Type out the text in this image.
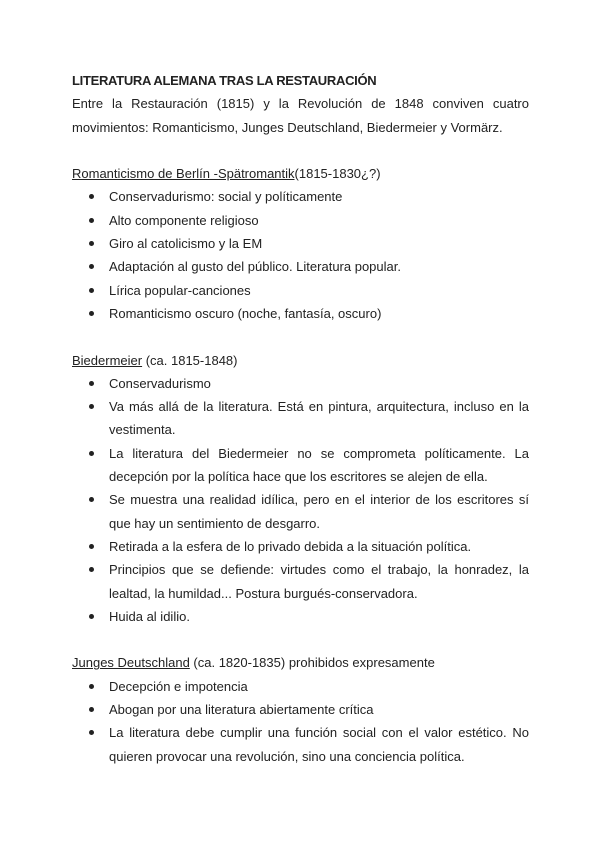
LITERATURA ALEMANA TRAS LA RESTAURACIÓN
Entre la Restauración (1815) y la Revolución de 1848 conviven cuatro movimientos: Romanticismo, Junges Deutschland, Biedermeier y Vormärz.
Romanticismo de Berlín -Spätromantik(1815-1830¿?)
Conservadurismo: social y políticamente
Alto componente religioso
Giro al catolicismo y la EM
Adaptación al gusto del público. Literatura popular.
Lírica popular-canciones
Romanticismo oscuro (noche, fantasía, oscuro)
Biedermeier (ca. 1815-1848)
Conservadurismo
Va más allá de la literatura. Está en pintura, arquitectura, incluso en la vestimenta.
La literatura del Biedermeier no se comprometa políticamente. La decepción por la política hace que los escritores se alejen de ella.
Se muestra una realidad idílica, pero en el interior de los escritores sí que hay un sentimiento de desgarro.
Retirada a la esfera de lo privado debida a la situación política.
Principios que se defiende: virtudes como el trabajo, la honradez, la lealtad, la humildad... Postura burgués-conservadora.
Huida al idilio.
Junges Deutschland (ca. 1820-1835) prohibidos expresamente
Decepción e impotencia
Abogan por una literatura abiertamente crítica
La literatura debe cumplir una función social con el valor estético. No quieren provocar una revolución, sino una conciencia política.
